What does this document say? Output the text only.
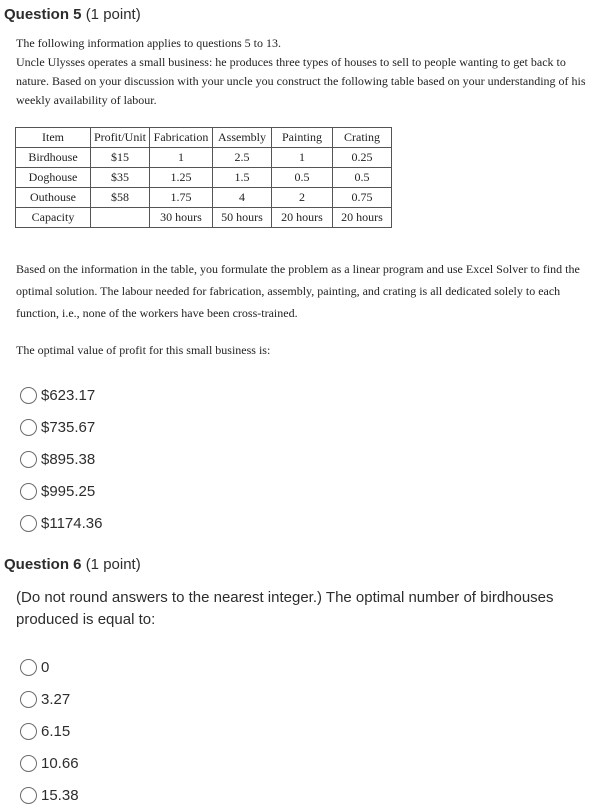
Question 5 (1 point)
The following information applies to questions 5 to 13.
Uncle Ulysses operates a small business: he produces three types of houses to sell to people wanting to get back to nature. Based on your discussion with your uncle you construct the following table based on your understanding of his weekly availability of labour.
Item	Profit/Unit	Fabrication	Assembly	Painting	Crating
Birdhouse	$15	1	2.5	1	0.25
Doghouse	$35	1.25	1.5	0.5	0.5
Outhouse	$58	1.75	4	2	0.75
Capacity		30 hours	50 hours	20 hours	20 hours
Based on the information in the table, you formulate the problem as a linear program and use Excel Solver to find the optimal solution. The labour needed for fabrication, assembly, painting, and crating is all dedicated solely to each function, i.e., none of the workers have been cross-trained.
The optimal value of profit for this small business is:
$623.17
$735.67
$895.38
$995.25
$1174.36
Question 6 (1 point)
(Do not round answers to the nearest integer.) The optimal number of birdhouses produced is equal to:
0
3.27
6.15
10.66
15.38
